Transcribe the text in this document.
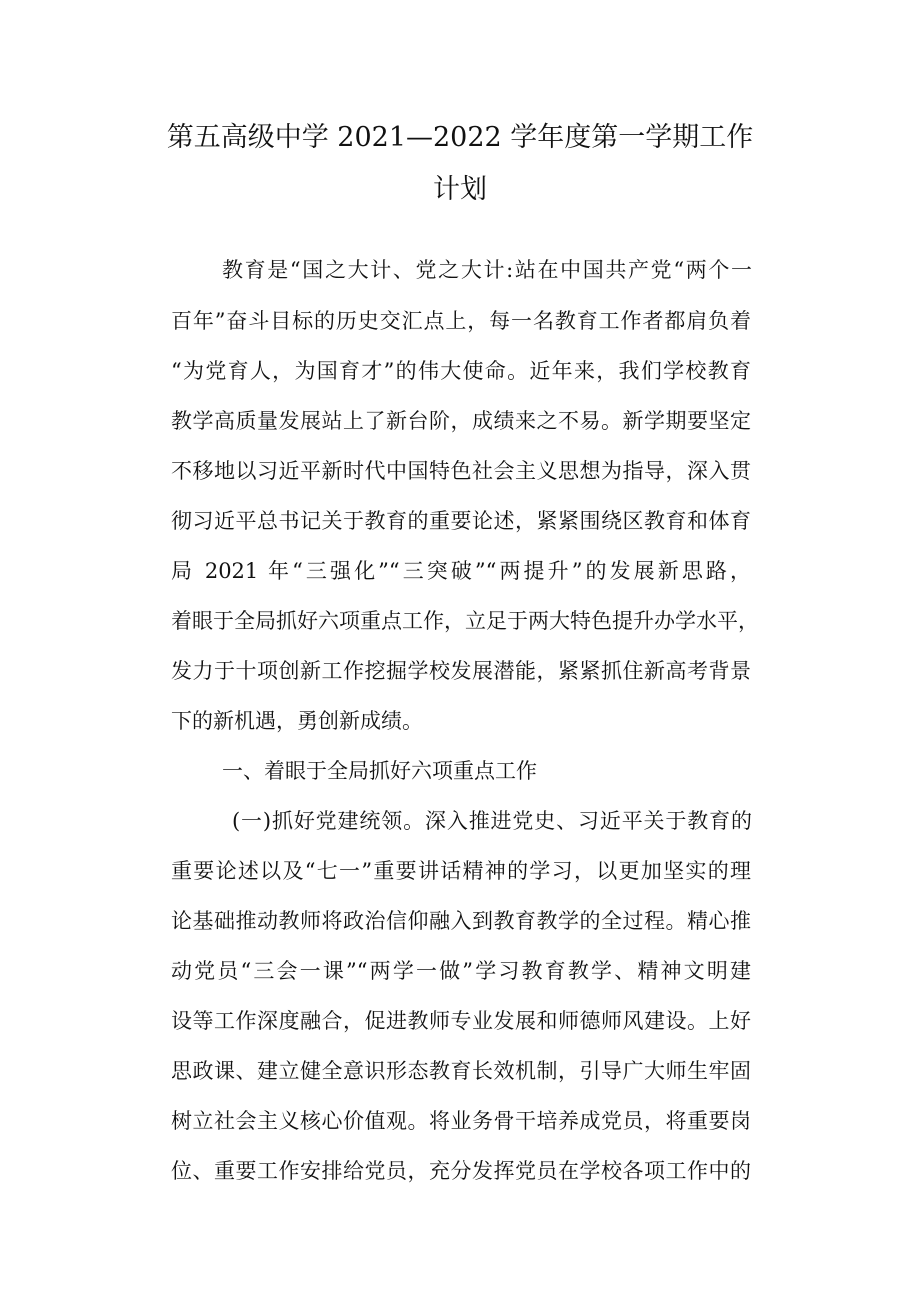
第五高级中学 2021—2022 学年度第一学期工作
计划
教育是“国之大计、党之大计:站在中国共产党“两个一
百年”奋斗目标的历史交汇点上，每一名教育工作者都肩负着
“为党育人，为国育才”的伟大使命。近年来，我们学校教育
教学高质量发展站上了新台阶，成绩来之不易。新学期要坚定
不移地以习近平新时代中国特色社会主义思想为指导，深入贯
彻习近平总书记关于教育的重要论述，紧紧围绕区教育和体育
局 2021 年“三强化”“三突破”“两提升”的发展新思路，
着眼于全局抓好六项重点工作，立足于两大特色提升办学水平，
发力于十项创新工作挖掘学校发展潜能，紧紧抓住新高考背景
下的新机遇，勇创新成绩。
一、着眼于全局抓好六项重点工作
(一)抓好党建统领。深入推进党史、习近平关于教育的
重要论述以及“七一”重要讲话精神的学习，以更加坚实的理
论基础推动教师将政治信仰融入到教育教学的全过程。精心推
动党员“三会一课”“两学一做”学习教育教学、精神文明建
设等工作深度融合，促进教师专业发展和师德师风建设。上好
思政课、建立健全意识形态教育长效机制，引导广大师生牢固
树立社会主义核心价值观。将业务骨干培养成党员，将重要岗
位、重要工作安排给党员，充分发挥党员在学校各项工作中的
